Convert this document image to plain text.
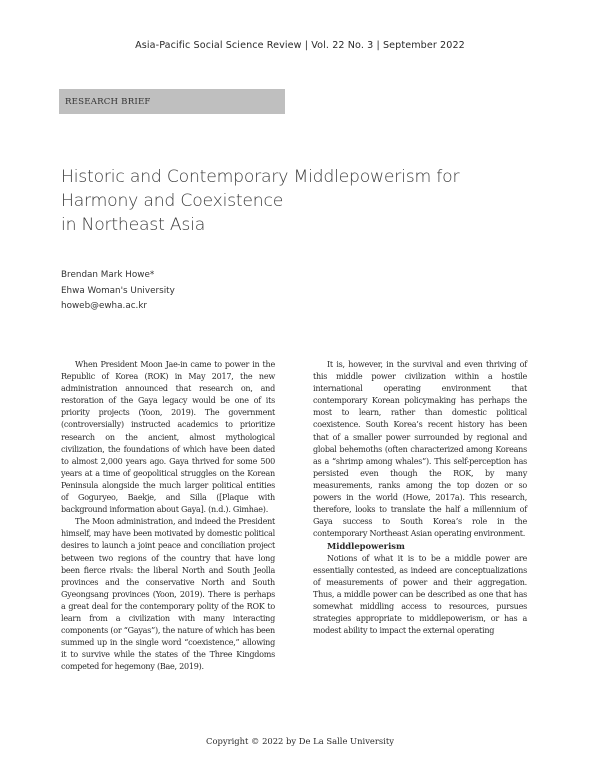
Asia-Pacific Social Science Review | Vol. 22 No. 3 | September 2022
RESEARCH BRIEF
Historic and Contemporary Middlepowerism for
Harmony and Coexistence
in Northeast Asia
Brendan Mark Howe*
Ehwa Woman's University
howeb@ewha.ac.kr

When President Moon Jae-in came to power in the Republic of Korea (ROK) in May 2017, the new administration announced that research on, and restoration of the Gaya legacy would be one of its priority projects (Yoon, 2019). The government (controversially) instructed academics to prioritize research on the ancient, almost mythological civilization, the foundations of which have been dated to almost 2,000 years ago. Gaya thrived for some 500 years at a time of geopolitical struggles on the Korean Peninsula alongside the much larger political entities of Goguryeo, Baekje, and Silla ([Plaque with background information about Gaya]. (n.d.). Gimhae).

The Moon administration, and indeed the President himself, may have been motivated by domestic political desires to launch a joint peace and conciliation project between two regions of the country that have long been fierce rivals: the liberal North and South Jeolla provinces and the conservative North and South Gyeongsang provinces (Yoon, 2019). There is perhaps a great deal for the contemporary polity of the ROK to learn from a civilization with many interacting components (or “Gayas”), the nature of which has been summed up in the single word “coexistence,” allowing it to survive while the states of the Three Kingdoms competed for hegemony (Bae, 2019).

It is, however, in the survival and even thriving of this middle power civilization within a hostile international operating environment that contemporary Korean policymaking has perhaps the most to learn, rather than domestic political coexistence. South Korea’s recent history has been that of a smaller power surrounded by regional and global behemoths (often characterized among Koreans as a “shrimp among whales”). This self-perception has persisted even though the ROK, by many measurements, ranks among the top dozen or so powers in the world (Howe, 2017a). This research, therefore, looks to translate the half a millennium of Gaya success to South Korea’s role in the contemporary Northeast Asian operating environment.

Middlepowerism

Notions of what it is to be a middle power are essentially contested, as indeed are conceptualizations of measurements of power and their aggregation. Thus, a middle power can be described as one that has somewhat middling access to resources, pursues strategies appropriate to middlepowerism, or has a modest ability to impact the external operating

Copyright © 2022 by De La Salle University
